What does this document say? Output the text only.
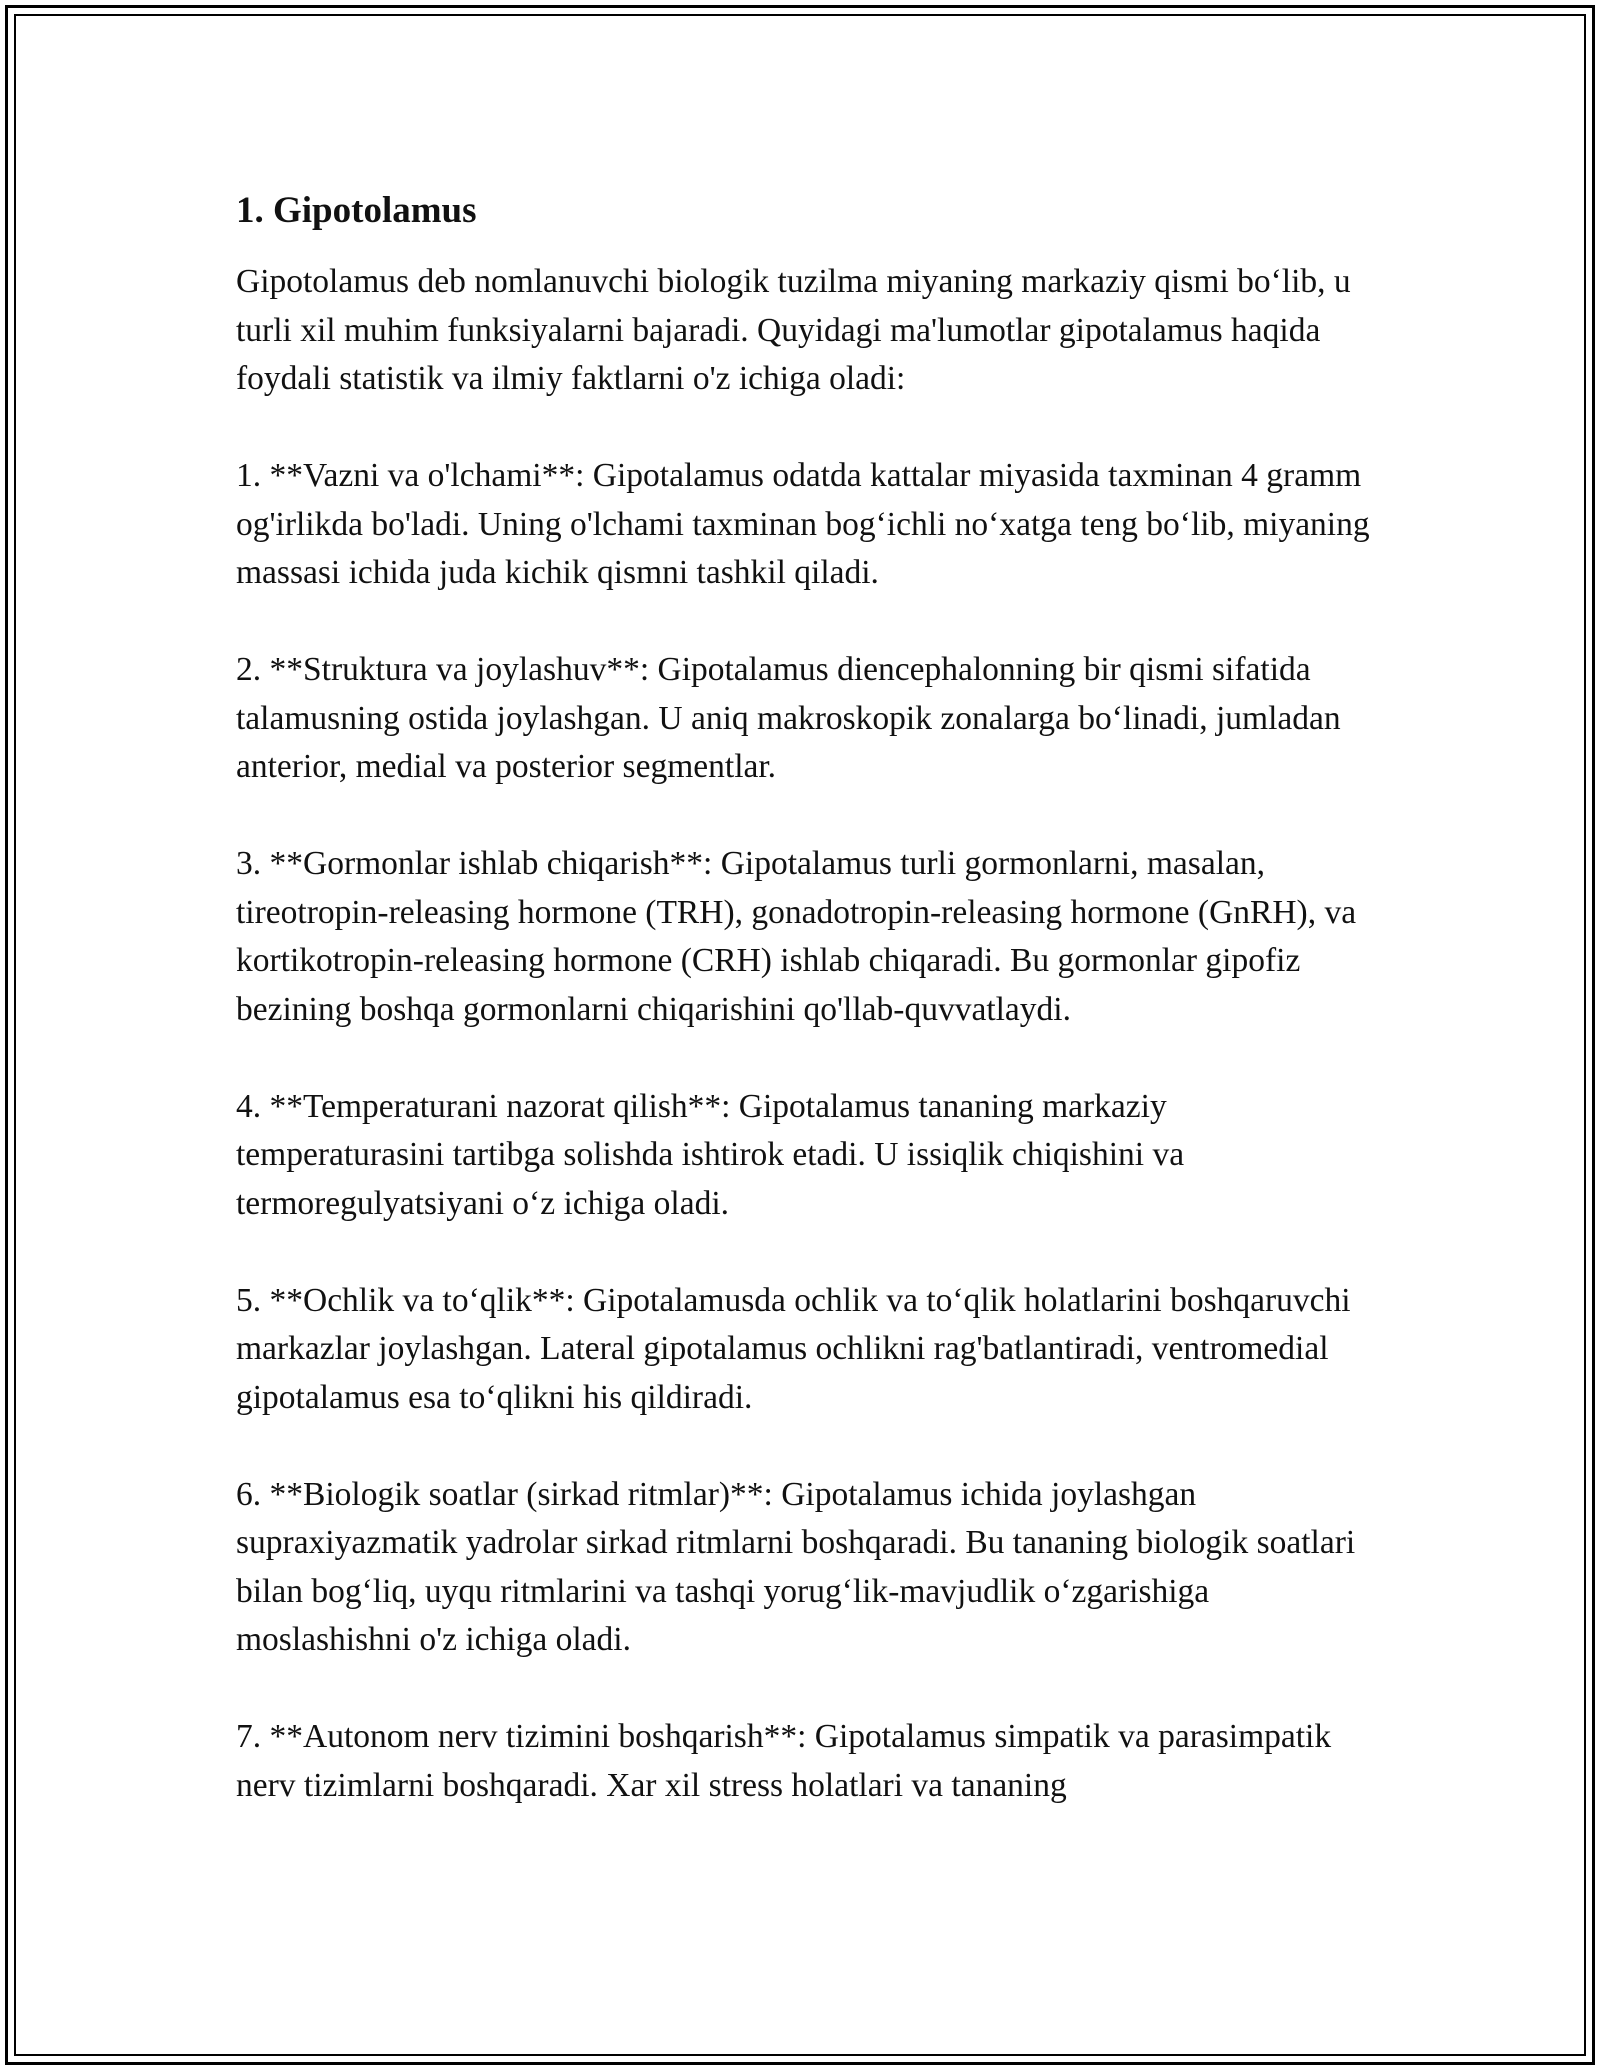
1. Gipotolamus

Gipotolamus deb nomlanuvchi biologik tuzilma miyaning markaziy qismi bo‘lib, u turli xil muhim funksiyalarni bajaradi. Quyidagi ma'lumotlar gipotalamus haqida foydali statistik va ilmiy faktlarni o'z ichiga oladi:

1. **Vazni va o'lchami**: Gipotalamus odatda kattalar miyasida taxminan 4 gramm og'irlikda bo'ladi. Uning o'lchami taxminan bog‘ichli no‘xatga teng bo‘lib, miyaning massasi ichida juda kichik qismni tashkil qiladi.

2. **Struktura va joylashuv**: Gipotalamus diencephalonning bir qismi sifatida talamusning ostida joylashgan. U aniq makroskopik zonalarga bo‘linadi, jumladan anterior, medial va posterior segmentlar.

3. **Gormonlar ishlab chiqarish**: Gipotalamus turli gormonlarni, masalan, tireotropin-releasing hormone (TRH), gonadotropin-releasing hormone (GnRH), va kortikotropin-releasing hormone (CRH) ishlab chiqaradi. Bu gormonlar gipofiz bezining boshqa gormonlarni chiqarishini qo'llab-quvvatlaydi.

4. **Temperaturani nazorat qilish**: Gipotalamus tananing markaziy temperaturasini tartibga solishda ishtirok etadi. U issiqlik chiqishini va termoregulyatsiyani o‘z ichiga oladi.

5. **Ochlik va to‘qlik**: Gipotalamusda ochlik va to‘qlik holatlarini boshqaruvchi markazlar joylashgan. Lateral gipotalamus ochlikni rag'batlantiradi, ventromedial gipotalamus esa to‘qlikni his qildiradi.

6. **Biologik soatlar (sirkad ritmlar)**: Gipotalamus ichida joylashgan supraxiyazmatik yadrolar sirkad ritmlarni boshqaradi. Bu tananing biologik soatlari bilan bog‘liq, uyqu ritmlarini va tashqi yorug‘lik-mavjudlik o‘zgarishiga moslashishni o'z ichiga oladi.

7. **Autonom nerv tizimini boshqarish**: Gipotalamus simpatik va parasimpatik nerv tizimlarni boshqaradi. Xar xil stress holatlari va tananing
